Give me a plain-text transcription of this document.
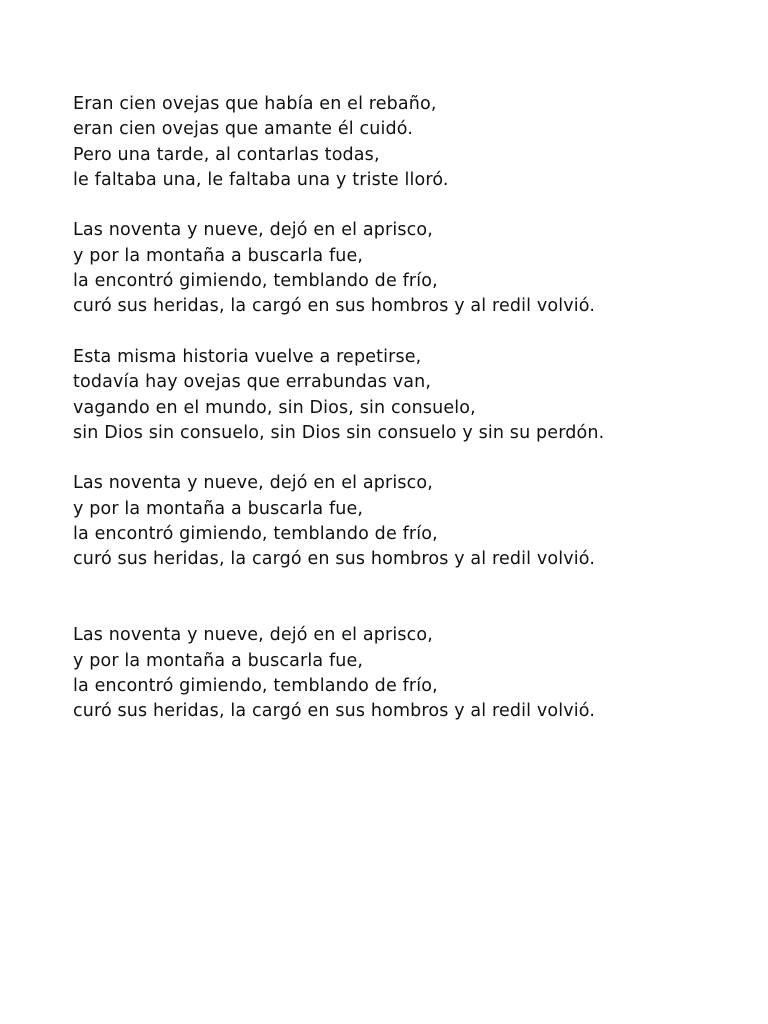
Eran cien ovejas que había en el rebaño,
eran cien ovejas que amante él cuidó.
Pero una tarde, al contarlas todas,
le faltaba una, le faltaba una y triste lloró.
Las noventa y nueve, dejó en el aprisco,
y por la montaña a buscarla fue,
la encontró gimiendo, temblando de frío,
curó sus heridas, la cargó en sus hombros y al redil volvió.
Esta misma historia vuelve a repetirse,
todavía hay ovejas que errabundas van,
vagando en el mundo, sin Dios, sin consuelo,
sin Dios sin consuelo, sin Dios sin consuelo y sin su perdón.
Las noventa y nueve, dejó en el aprisco,
y por la montaña a buscarla fue,
la encontró gimiendo, temblando de frío,
curó sus heridas, la cargó en sus hombros y al redil volvió.
Las noventa y nueve, dejó en el aprisco,
y por la montaña a buscarla fue,
la encontró gimiendo, temblando de frío,
curó sus heridas, la cargó en sus hombros y al redil volvió.
